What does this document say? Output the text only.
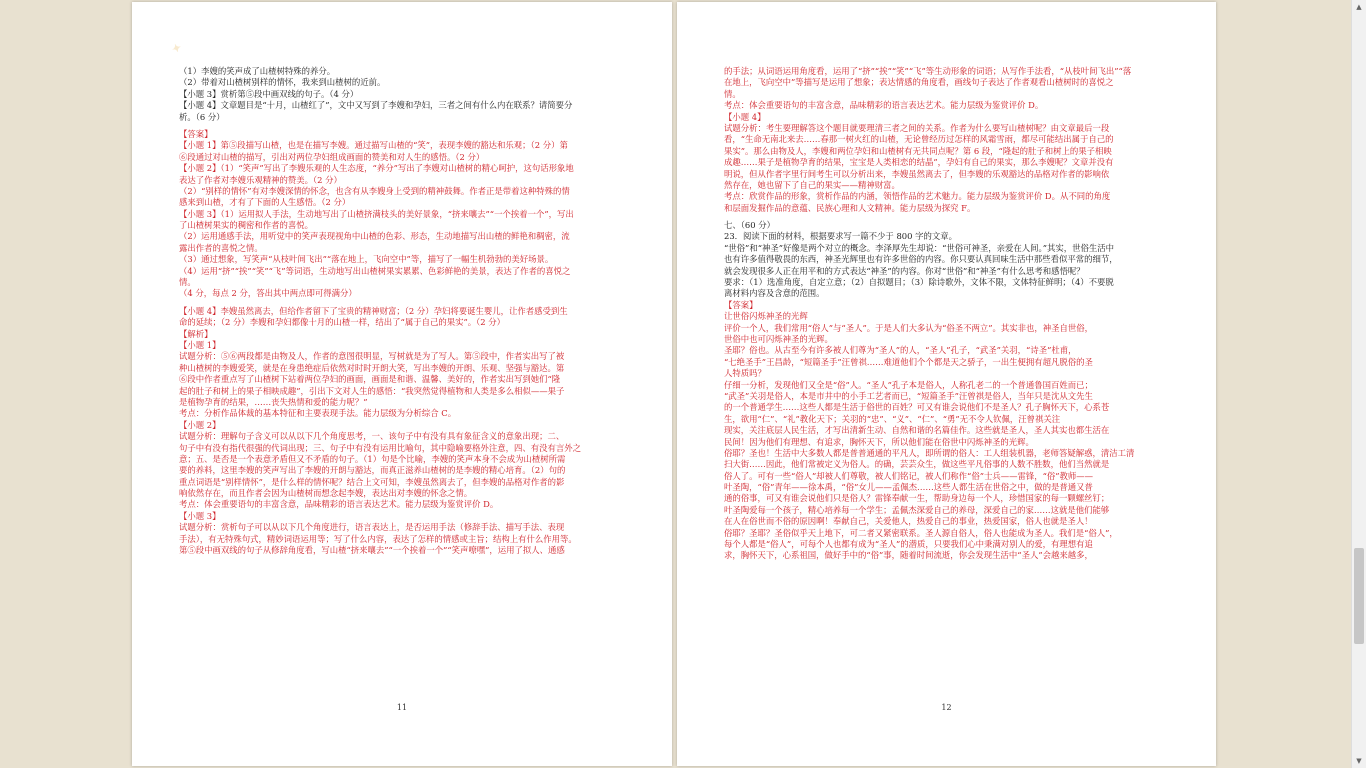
✦
（1）李嫂的笑声成了山楂树特殊的养分。
（2）带着对山楂树别样的情怀，我来到山楂树的近前。
【小题 3】赏析第⑤段中画双线的句子。（4 分）
【小题 4】文章题目是“十月，山楂红了”，文中又写到了李嫂和孕妇，三者之间有什么内在联系？请简要分
析。（6 分）
【答案】
【小题 1】第⑤段描写山楂，也是在描写李嫂。通过描写山楂的“笑”，表现李嫂的豁达和乐观；（2 分）第
⑥段通过对山楂的描写，引出对两位孕妇组成画面的赞美和对人生的感悟。（2 分）
【小题 2】（1）“笑声”写出了李嫂乐观的人生态度，“养分”写出了李嫂对山楂树的精心呵护，这句话形象地
表达了作者对李嫂乐观精神的赞美。（2 分）
（2）“别样的情怀”有对李嫂深情的怀念，也含有从李嫂身上受到的精神鼓舞。作者正是带着这种特殊的情
感来到山楂，才有了下面的人生感悟。（2 分）
【小题 3】（1）运用拟人手法，生动地写出了山楂挤满枝头的美好景象，“挤来嚷去”“一个挨着一个”，写出
了山楂树果实的稠密和作者的喜悦。
（2）运用通感手法，用听觉中的笑声表现视角中山楂的色彩、形态，生动地描写出山楂的鲜艳和稠密，流
露出作者的喜悦之情。
（3）通过想象，写笑声“从枝叶间飞出”“落在地上，飞向空中”等，描写了一幅生机勃勃的美好场景。
（4）运用“挤”“挨”“笑”“飞”等词语，生动地写出山楂树果实累累、色彩鲜艳的美景，表达了作者的喜悦之
情。
（4 分，每点 2 分，答出其中两点即可得满分）
【小题 4】李嫂虽然离去，但给作者留下了宝贵的精神财富；（2 分）孕妇将要诞生婴儿，让作者感受到生
命的延续；（2 分）李嫂和孕妇都像十月的山楂一样，结出了“属于自己的果实”。（2 分）
【解析】
【小题 1】
试题分析：⑤⑥两段都是由物及人，作者的意图很明显，写树就是为了写人。第⑤段中，作者实出写了被
种山楂树的李嫂爱笑，就是在身患绝症后依然对时时开朗大笑，写出李嫂的开朗、乐观、坚强与豁达。第
⑥段中作者重点写了山楂树下站着两位孕妇的画面，画面是和谐、温馨、美好的，作者实出写到她们“隆
起的肚子和树上的果子相映成趣”，引出下文对人生的感悟：“我突然觉得植物和人类是多么相似——果子
是植物孕育的结果，……丧失热情和爱的能力呢？”
考点：分析作品体裁的基本特征和主要表现手法。能力层级为分析综合 C。
【小题 2】
试题分析：理解句子含义可以从以下几个角度思考，一、该句子中有没有具有象征含义的意象出现；二、
句子中有没有指代很强的代词出现；三、句子中有没有运用比喻句，其中隐喻要格外注意，四、有没有言外之
意；五、是否是一个表意矛盾但又不矛盾的句子。（1）句是个比喻，李嫂的笑声本身不会成为山楂树所需
要的养料，这里李嫂的笑声写出了李嫂的开朗与豁达，而真正滋养山楂树的是李嫂的精心培育。（2）句的
重点词语是“别样情怀”，是什么样的情怀呢？结合上文可知，李嫂虽然离去了，但李嫂的品格对作者的影
响依然存在，而且作者会因为山楂树而想念起李嫂，表达出对李嫂的怀念之情。
考点：体会重要语句的丰富含意，品味精彩的语言表达艺术。能力层级为鉴赏评价 D。
【小题 3】
试题分析：赏析句子可以从以下几个角度进行，语言表达上，是否运用手法（修辞手法、描写手法、表现
手法），有无特殊句式，精妙词语运用等；写了什么内容，表达了怎样的情感或主旨；结构上有什么作用等。
第⑤段中画双线的句子从修辞角度看，写山楂“挤来嚷去”“一个挨着一个”“笑声嘹嘿”，运用了拟人、通感
11
的手法；从词语运用角度看，运用了“挤”“挨”“笑”“飞”等生动形象的词语；从写作手法看，“从枝叶间飞出”“落
在地上，飞向空中”等描写是运用了想象；表达情感的角度看，画线句子表达了作者观看山楂树时的喜悦之
情。
考点：体会重要语句的丰富含意，品味精彩的语言表达艺术。能力层级为鉴赏评价 D。
【小题 4】
试题分析：考生要理解答这个题目就要理清三者之间的关系。作者为什么要写山楂树呢？由文章最后一段
看，“生命无南北来去……春那一树火红的山楂，无论曾经历过怎样的风霜雪雨，都尽可能结出属于自己的
果实”。那么由物及人，李嫂和两位孕妇和山楂树有无共同点呢？第 6 段，“隆起的肚子和树上的果子相映
成趣……果子是植物孕育的结果，宝宝是人类相恋的结晶”，孕妇有自己的果实，那么李嫂呢？文章并没有
明说，但从作者字里行间考生可以分析出来，李嫂虽然离去了，但李嫂的乐观豁达的品格对作者的影响依
然存在，她也留下了自己的果实——精神财富。
考点：欣赏作品的形象，赏析作品的内涵，领悟作品的艺术魅力。能力层级为鉴赏评价 D。从不同的角度
和层面发掘作品的意蕴、民族心理和人文精神。能力层级为探究 F。
七、（60 分）
23．阅读下面的材料，根据要求写一篇不少于 800 字的文章。
“世俗”和“神圣”好像是两个对立的概念。李泽厚先生却说：“世俗可神圣，亲爱在人间。”其实，世俗生活中
也有许多值得敬畏的东西，神圣光辉里也有许多世俗的内容。你只要认真回味生活中那些看似平常的细节，
就会发现很多人正在用平和的方式表达“神圣”的内容。你对“世俗”和“神圣”有什么思考和感悟呢？
要求：（1）选准角度，自定立意；（2）自拟题目；（3）除诗歌外，文体不限，文体特征鲜明；（4）不要脱
离材料内容及含意的范围。
【答案】
让世俗闪烁神圣的光辉
评价一个人，我们常用“俗人”与“圣人”。于是人们大多认为“俗圣不两立”。其实非也，神圣自世俗，
世俗中也可闪烁神圣的光辉。
圣耶？俗也。从古至今有许多被人们尊为“圣人”的人，“圣人”孔子，“武圣”关羽，“诗圣”杜甫，
“七绝圣手”王昌龄，“短篇圣手”汪曾祺……难道他们个个都是天之骄子，一出生便拥有超凡脱俗的圣
人特质吗？
仔细一分析，发现他们又全是“俗”人。“圣人”孔子本是俗人，人称孔老二的一个普通鲁国百姓而已；
“武圣”关羽是俗人，本是市井中的小手工艺者而已，“短篇圣手”汪曾祺是俗人，当年只是沈从文先生
的一个普通学生……这些人都是生活于俗世的百姓？可又有谁会说他们不是圣人？孔子胸怀天下，心系苍
生，欲用“仁”、“礼”教化天下；关羽的“忠”、“义”、“仁”、“勇”无不令人钦佩，汪曾祺关注
现实，关注底层人民生活，才写出清新生动、自然和谐的名篇佳作。这些就是圣人，圣人其实也都生活在
民间！因为他们有理想、有追求，胸怀天下，所以他们能在俗世中闪烁神圣的光辉。
俗耶？圣也！生活中大多数人都是普普通通的平凡人，即所谓的俗人：工人组装机器，老师答疑解惑，清洁工清
扫大街……因此，他们常被定义为俗人。的确，芸芸众生，做这些平凡俗事的人数不胜数，他们当然就是
俗人了。可有一些“俗人”却被人们尊敬，被人们铭记，被人们称作“俗”士兵——雷锋，“俗”教师——
叶圣陶，“俗”青年——徐本禹，“俗”女儿——孟佩杰……这些人都生活在世俗之中，做的是普通又普
通的俗事，可又有谁会说他们只是俗人？雷锋奉献一生，帮助身边每一个人，珍惜国家的每一颗螺丝钉；
叶圣陶爱每一个孩子，精心培养每一个学生；孟佩杰深爱自己的养母，深爱自己的家……这就是他们能够
在人在俗世而不俗的原因啊！奉献自己，关爱他人，热爱自己的事业，热爱国家，俗人也就是圣人！
俗耶？圣耶？圣俗似乎天上地下，可二者又紧密联系。圣人源自俗人，俗人也能成为圣人。我们是“俗人”，
每个人都是“俗人”，可每个人也都有成为“圣人”的潜质，只要我们心中秉满对别人的爱，有理想有追
求，胸怀天下，心系祖国，做好手中的“俗”事，随着时间流逝，你会发现生活中“圣人”会越来越多，
12
▲
▼
